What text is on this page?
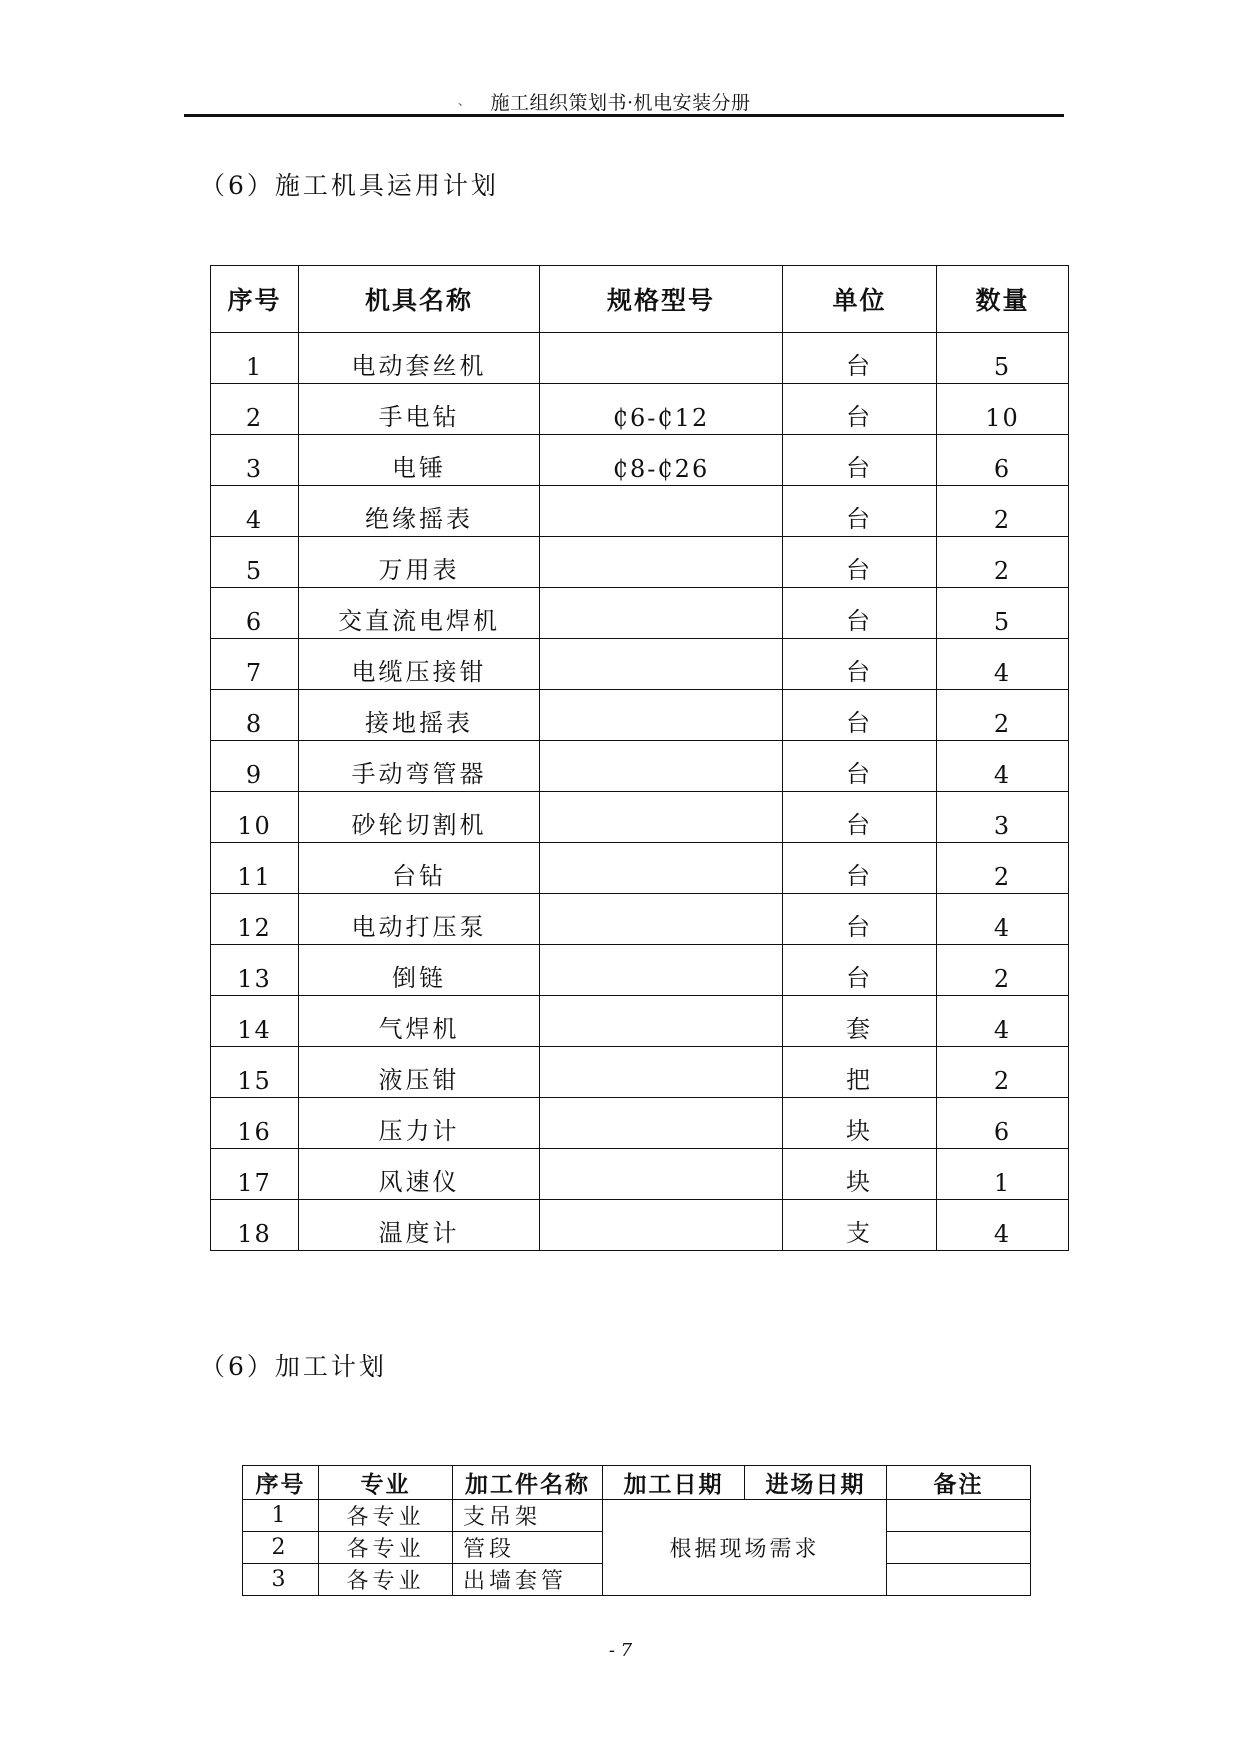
、	施工组织策划书·机电安装分册
（6）施工机具运用计划
序号	机具名称	规格型号	单位	数量
1	电动套丝机		台	5
2	手电钻	₵6-₵12	台	10
3	电锤	₵8-₵26	台	6
4	绝缘摇表		台	2
5	万用表		台	2
6	交直流电焊机		台	5
7	电缆压接钳		台	4
8	接地摇表		台	2
9	手动弯管器		台	4
10	砂轮切割机		台	3
11	台钻		台	2
12	电动打压泵		台	4
13	倒链		台	2
14	气焊机		套	4
15	液压钳		把	2
16	压力计		块	6
17	风速仪		块	1
18	温度计		支	4
（6）加工计划
序号	专业	加工件名称	加工日期	进场日期	备注
1	各专业	支吊架	根据现场需求		
2	各专业	管段			
3	各专业	出墙套管			
- 7
